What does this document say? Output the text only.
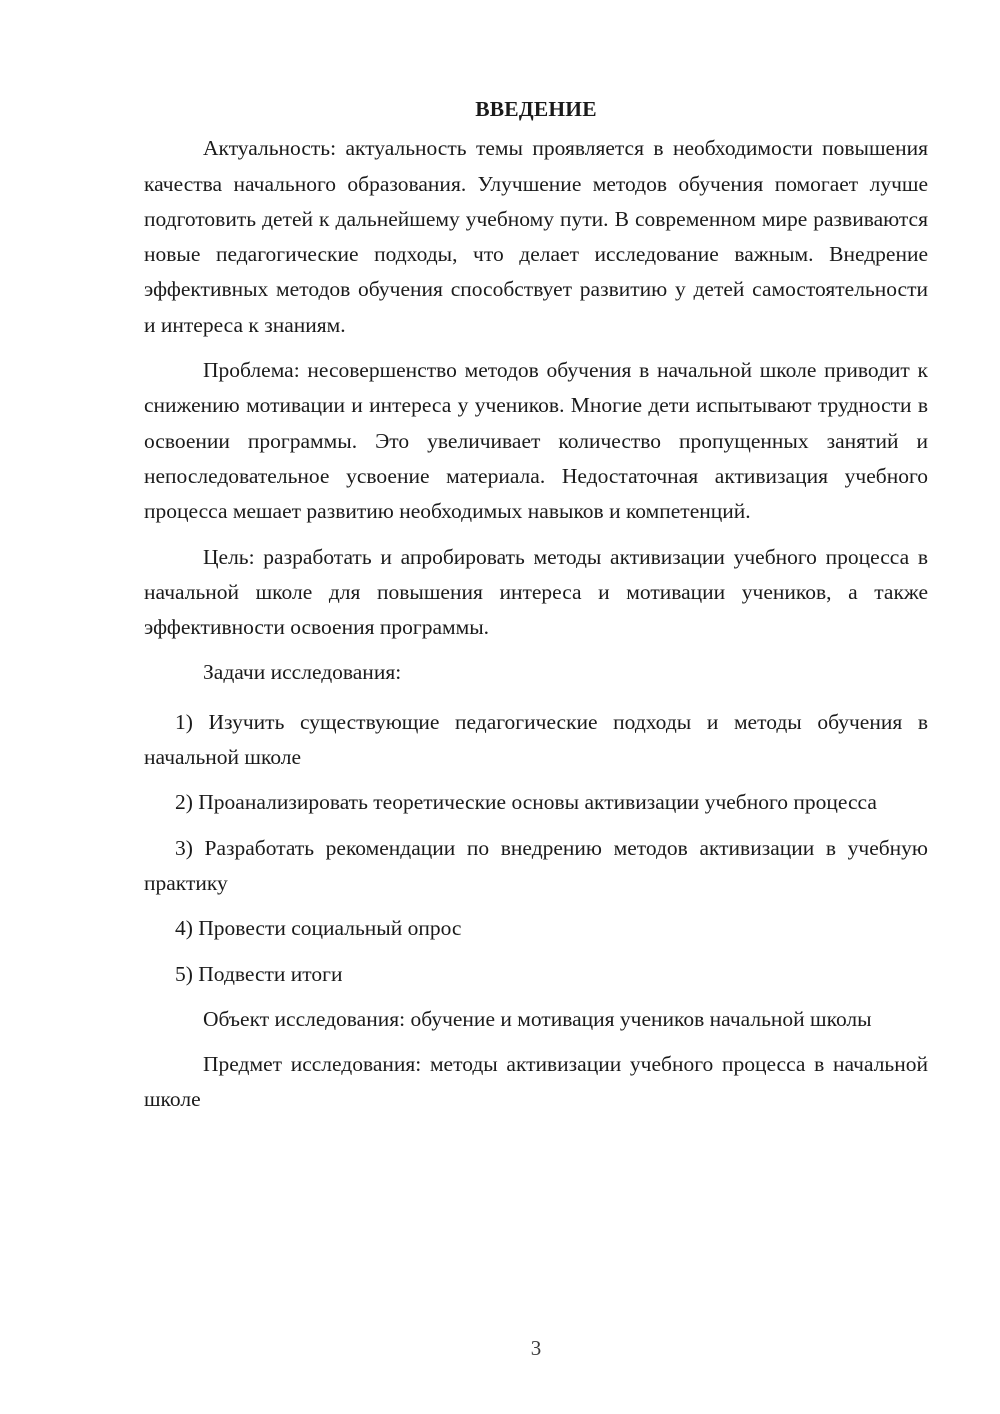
ВВЕДЕНИЕ

Актуальность: актуальность темы проявляется в необходимости повышения качества начального образования. Улучшение методов обучения помогает лучше подготовить детей к дальнейшему учебному пути. В современном мире развиваются новые педагогические подходы, что делает исследование важным. Внедрение эффективных методов обучения способствует развитию у детей самостоятельности и интереса к знаниям.

Проблема: несовершенство методов обучения в начальной школе приводит к снижению мотивации и интереса у учеников. Многие дети испытывают трудности в освоении программы. Это увеличивает количество пропущенных занятий и непоследовательное усвоение материала. Недостаточная активизация учебного процесса мешает развитию необходимых навыков и компетенций.

Цель: разработать и апробировать методы активизации учебного процесса в начальной школе для повышения интереса и мотивации учеников, а также эффективности освоения программы.

Задачи исследования:

1) Изучить существующие педагогические подходы и методы обучения в начальной школе

2) Проанализировать теоретические основы активизации учебного процесса

3) Разработать рекомендации по внедрению методов активизации в учебную практику

4) Провести социальный опрос

5) Подвести итоги

Объект исследования: обучение и мотивация учеников начальной школы

Предмет исследования: методы активизации учебного процесса в начальной школе

3
